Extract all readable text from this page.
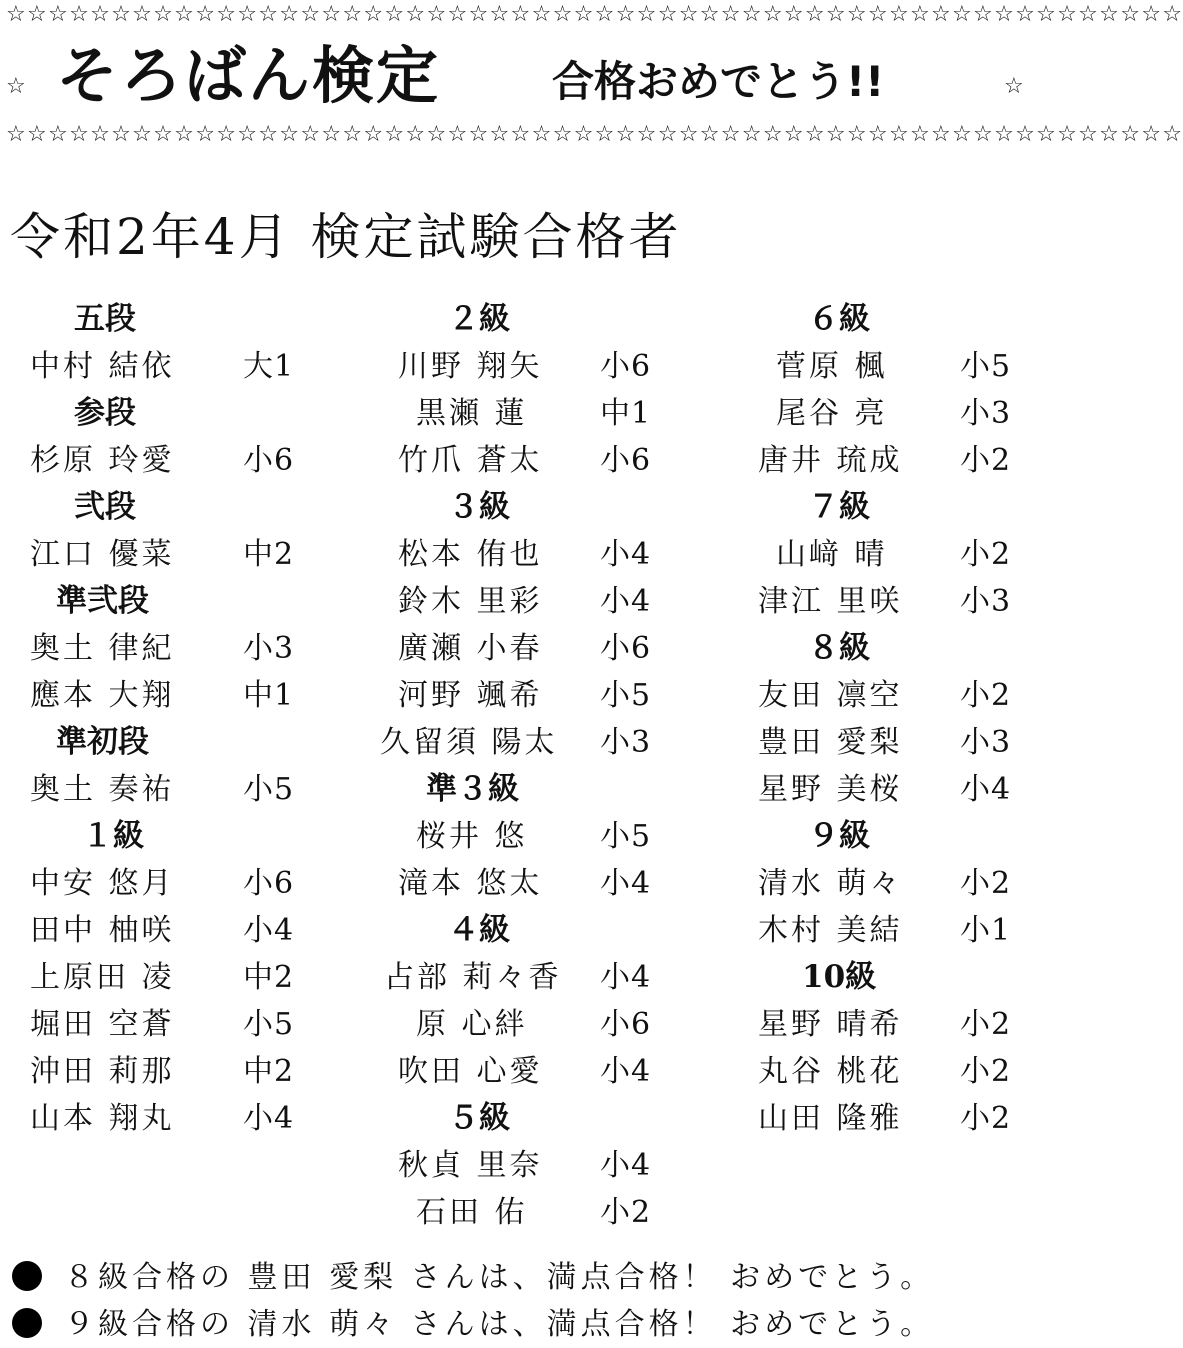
☆☆☆☆☆☆☆☆☆☆☆☆☆☆☆☆☆☆☆☆☆☆☆☆☆☆☆☆☆☆☆☆☆☆☆☆☆☆☆☆☆☆☆☆☆☆☆☆☆☆☆☆☆☆☆☆
☆ そろばん検定	合格おめでとう!!	☆
☆☆☆☆☆☆☆☆☆☆☆☆☆☆☆☆☆☆☆☆☆☆☆☆☆☆☆☆☆☆☆☆☆☆☆☆☆☆☆☆☆☆☆☆☆☆☆☆☆☆☆☆☆☆☆☆
令和2年4月 検定試験合格者
五段
中村 結依 大1
参段
杉原 玲愛 小6
弐段
江口 優菜 中2
準弐段
奥土 律紀 小3
應本 大翔 中1
準初段
奥土 奏祐 小5
１級
中安 悠月 小6
田中 柚咲 小4
上原田 凌 中2
堀田 空蒼 小5
沖田 莉那 中2
山本 翔丸 小4
２級
川野 翔矢 小6
黒瀬 蓮 中1
竹爪 蒼太 小6
３級
松本 侑也 小4
鈴木 里彩 小4
廣瀬 小春 小6
河野 颯希 小5
久留須 陽太 小3
準３級
桜井 悠 小5
滝本 悠太 小4
４級
占部 莉々香 小4
原 心絆 小6
吹田 心愛 小4
５級
秋貞 里奈 小4
石田 佑 小2
６級
菅原 楓 小5
尾谷 亮 小3
唐井 琉成 小2
７級
山﨑 晴 小2
津江 里咲 小3
８級
友田 凛空 小2
豊田 愛梨 小3
星野 美桜 小4
９級
清水 萌々 小2
木村 美結 小1
10級
星野 晴希 小2
丸谷 桃花 小2
山田 隆雅 小2
８級合格の 豊田 愛梨 さんは、満点合格！ おめでとう。
９級合格の 清水 萌々 さんは、満点合格！ おめでとう。
